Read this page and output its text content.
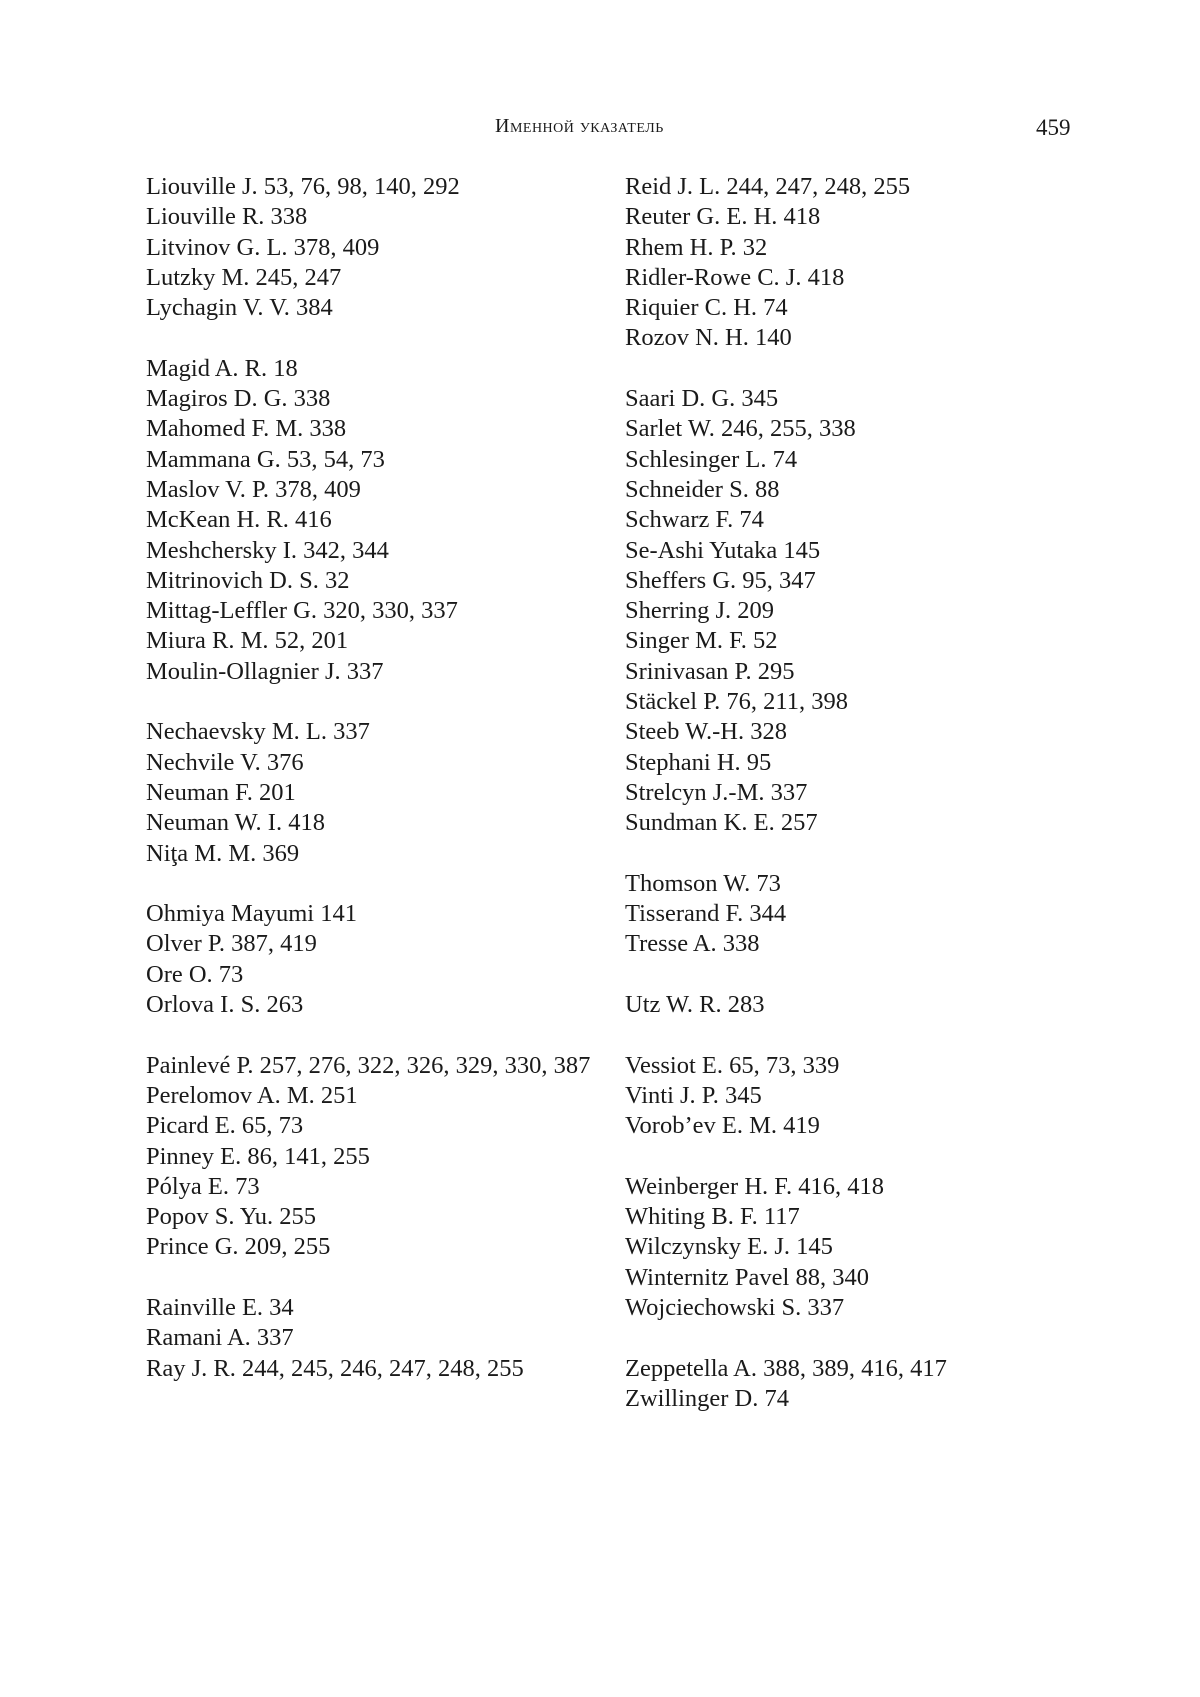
Именной указатель	459
Liouville J. 53, 76, 98, 140, 292
Liouville R. 338
Litvinov G. L. 378, 409
Lutzky M. 245, 247
Lychagin V. V. 384
Magid A. R. 18
Magiros D. G. 338
Mahomed F. M. 338
Mammana G. 53, 54, 73
Maslov V. P. 378, 409
McKean H. R. 416
Meshchersky I. 342, 344
Mitrinovich D. S. 32
Mittag-Leffler G. 320, 330, 337
Miura R. M. 52, 201
Moulin-Ollagnier J. 337
Nechaevsky M. L. 337
Nechvile V. 376
Neuman F. 201
Neuman W. I. 418
Niţa M. M. 369
Ohmiya Mayumi 141
Olver P. 387, 419
Ore O. 73
Orlova I. S. 263
Painlevé P. 257, 276, 322, 326, 329, 330, 387
Perelomov A. M. 251
Picard E. 65, 73
Pinney E. 86, 141, 255
Pólya E. 73
Popov S. Yu. 255
Prince G. 209, 255
Rainville E. 34
Ramani A. 337
Ray J. R. 244, 245, 246, 247, 248, 255
Reid J. L. 244, 247, 248, 255
Reuter G. E. H. 418
Rhem H. P. 32
Ridler-Rowe C. J. 418
Riquier C. H. 74
Rozov N. H. 140
Saari D. G. 345
Sarlet W. 246, 255, 338
Schlesinger L. 74
Schneider S. 88
Schwarz F. 74
Se-Ashi Yutaka 145
Sheffers G. 95, 347
Sherring J. 209
Singer M. F. 52
Srinivasan P. 295
Stäckel P. 76, 211, 398
Steeb W.-H. 328
Stephani H. 95
Strelcyn J.-M. 337
Sundman K. E. 257
Thomson W. 73
Tisserand F. 344
Tresse A. 338
Utz W. R. 283
Vessiot E. 65, 73, 339
Vinti J. P. 345
Vorob’ev E. M. 419
Weinberger H. F. 416, 418
Whiting B. F. 117
Wilczynsky E. J. 145
Winternitz Pavel 88, 340
Wojciechowski S. 337
Zeppetella A. 388, 389, 416, 417
Zwillinger D. 74
